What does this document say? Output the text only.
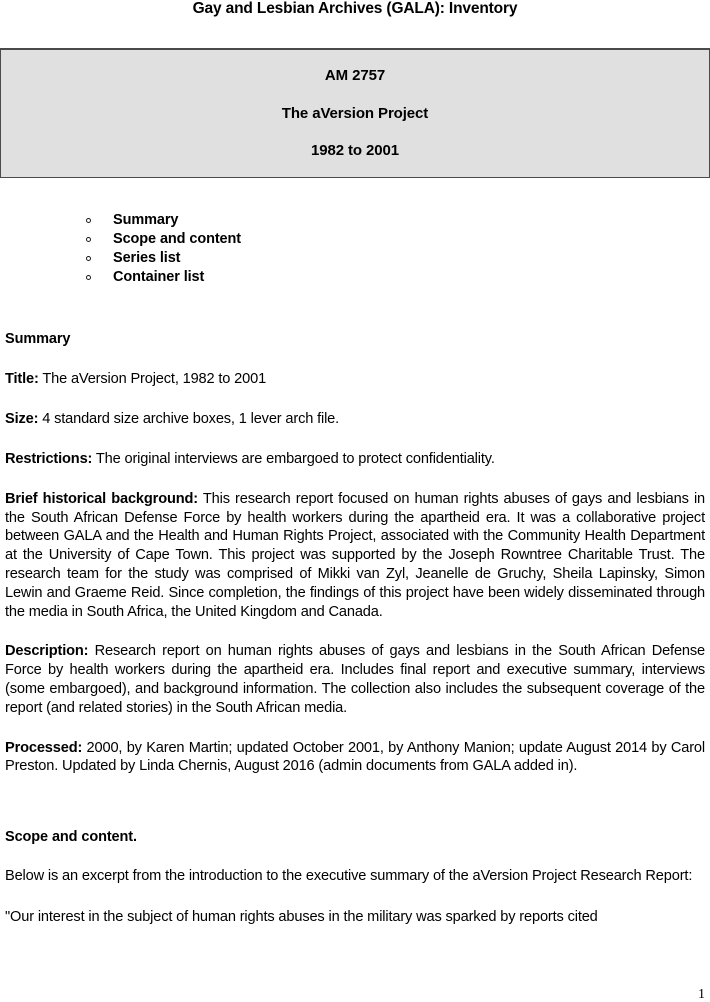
Gay and Lesbian Archives (GALA): Inventory
AM 2757
The aVersion Project
1982 to 2001
Summary
Scope and content
Series list
Container list
Summary

Title: The aVersion Project, 1982 to 2001

Size: 4 standard size archive boxes, 1 lever arch file.

Restrictions: The original interviews are embargoed to protect confidentiality.

Brief historical background: This research report focused on human rights abuses of gays and lesbians in the South African Defense Force by health workers during the apartheid era. It was a collaborative project between GALA and the Health and Human Rights Project, associated with the Community Health Department at the University of Cape Town. This project was supported by the Joseph Rowntree Charitable Trust. The research team for the study was comprised of Mikki van Zyl, Jeanelle de Gruchy, Sheila Lapinsky, Simon Lewin and Graeme Reid. Since completion, the findings of this project have been widely disseminated through the media in South Africa, the United Kingdom and Canada.

Description: Research report on human rights abuses of gays and lesbians in the South African Defense Force by health workers during the apartheid era. Includes final report and executive summary, interviews (some embargoed), and background information. The collection also includes the subsequent coverage of the report (and related stories) in the South African media.

Processed: 2000, by Karen Martin; updated October 2001, by Anthony Manion; update August 2014 by Carol Preston. Updated by Linda Chernis, August 2016 (admin documents from GALA added in).

Scope and content.

Below is an excerpt from the introduction to the executive summary of the aVersion Project Research Report:

"Our interest in the subject of human rights abuses in the military was sparked by reports cited

1
